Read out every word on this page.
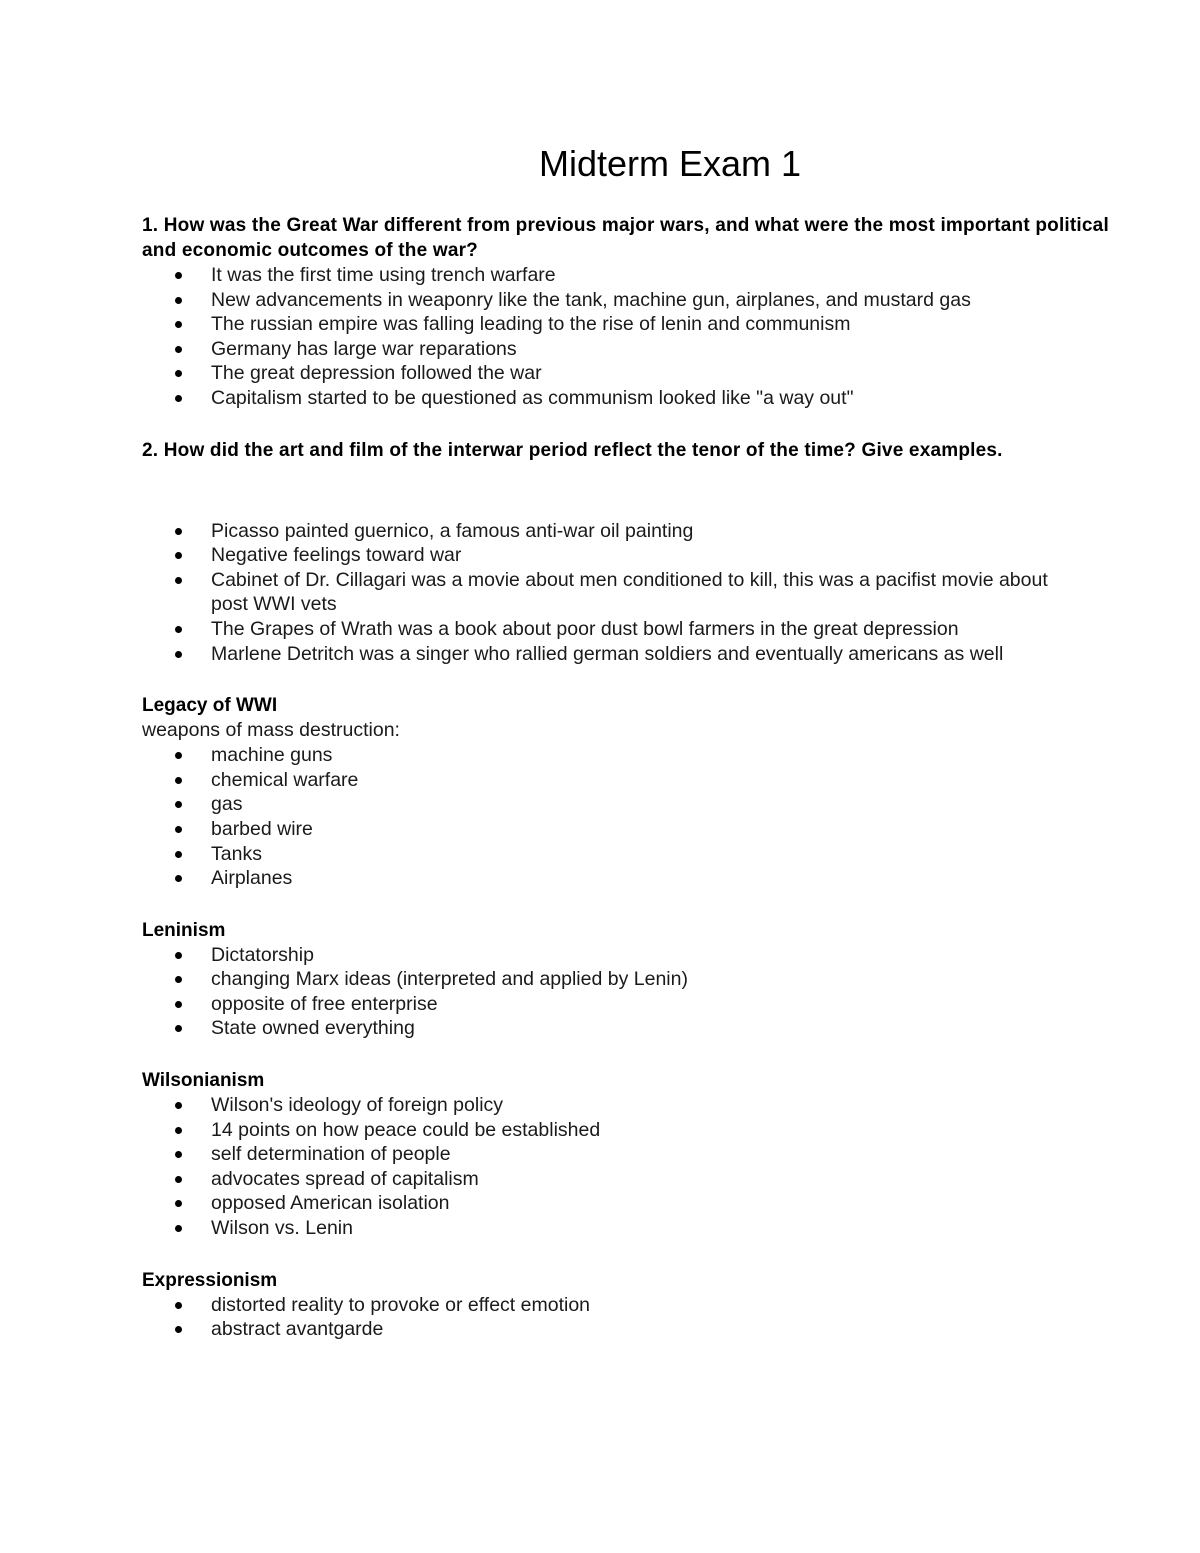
Midterm Exam 1

1. How was the Great War different from previous major wars, and what were the most important political and economic outcomes of the war?

It was the first time using trench warfare
New advancements in weaponry like the tank, machine gun, airplanes, and mustard gas
The russian empire was falling leading to the rise of lenin and communism
Germany has large war reparations
The great depression followed the war
Capitalism started to be questioned as communism looked like "a way out"

2. How did the art and film of the interwar period reflect the tenor of the time? Give examples.

Picasso painted guernico, a famous anti-war oil painting
Negative feelings toward war
Cabinet of Dr. Cillagari was a movie about men conditioned to kill, this was a pacifist movie about post WWI vets
The Grapes of Wrath was a book about poor dust bowl farmers in the great depression
Marlene Detritch was a singer who rallied german soldiers and eventually americans as well

Legacy of WWI

weapons of mass destruction:

machine guns
chemical warfare
gas
barbed wire
Tanks
Airplanes

Leninism

Dictatorship
changing Marx ideas (interpreted and applied by Lenin)
opposite of free enterprise
State owned everything

Wilsonianism

Wilson's ideology of foreign policy
14 points on how peace could be established
self determination of people
advocates spread of capitalism
opposed American isolation
Wilson vs. Lenin

Expressionism

distorted reality to provoke or effect emotion
abstract avantgarde
